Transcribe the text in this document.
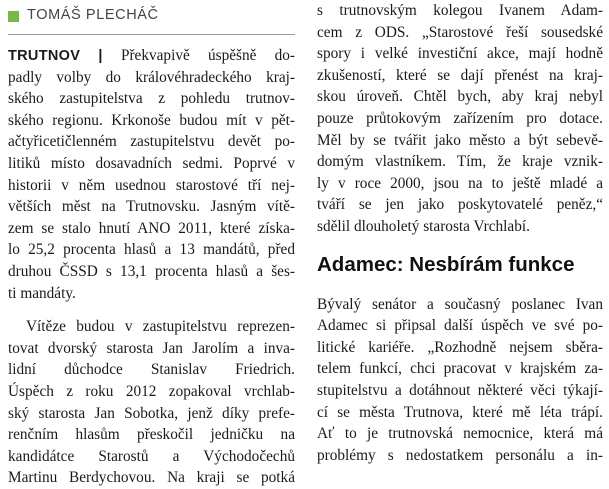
TOMÁŠ PLECHÁČ
TRUTNOV | Překvapivě úspěšně do-
padly volby do královéhradeckého kraj-
ského zastupitelstva z pohledu trutnov-
ského regionu. Krkonoše budou mít v pět-
ačtyřicetičlenném zastupitelstvu devět po-
litiků místo dosavadních sedmi. Poprvé v
historii v něm usednou starostové tří nej-
větších měst na Trutnovsku. Jasným vítě-
zem se stalo hnutí ANO 2011, které získa-
lo 25,2 procenta hlasů a 13 mandátů, před
druhou ČSSD s 13,1 procenta hlasů a šes-
ti mandáty.
Vítěze budou v zastupitelstvu reprezen-
tovat dvorský starosta Jan Jarolím a inva-
lidní důchodce Stanislav Friedrich.
Úspěch z roku 2012 zopakoval vrchlab-
ský starosta Jan Sobotka, jenž díky prefe-
renčním hlasům přeskočil jedničku na
kandidátce Starostů a Východočechů
Martinu Berdychovou. Na kraji se potká
s trutnovským kolegou Ivanem Adam-
cem z ODS. „Starostové řeší sousedské
spory i velké investiční akce, mají hodně
zkušeností, které se dají přenést na kraj-
skou úroveň. Chtěl bych, aby kraj nebyl
pouze průtokovým zařízením pro dotace.
Měl by se tvářit jako město a být sebevě-
domým vlastníkem. Tím, že kraje vznik-
ly v roce 2000, jsou na to ještě mladé a
tváří se jen jako poskytovatelé peněz,“
sdělil dlouholetý starosta Vrchlabí.
Adamec: Nesbírám funkce
Bývalý senátor a současný poslanec Ivan
Adamec si připsal další úspěch ve své po-
litické kariéře. „Rozhodně nejsem sběra-
telem funkcí, chci pracovat v krajském za-
stupitelstvu a dotáhnout některé věci týkají-
cí se města Trutnova, které mě léta trápí.
Ať to je trutnovská nemocnice, která má
problémy s nedostatkem personálu a in-
